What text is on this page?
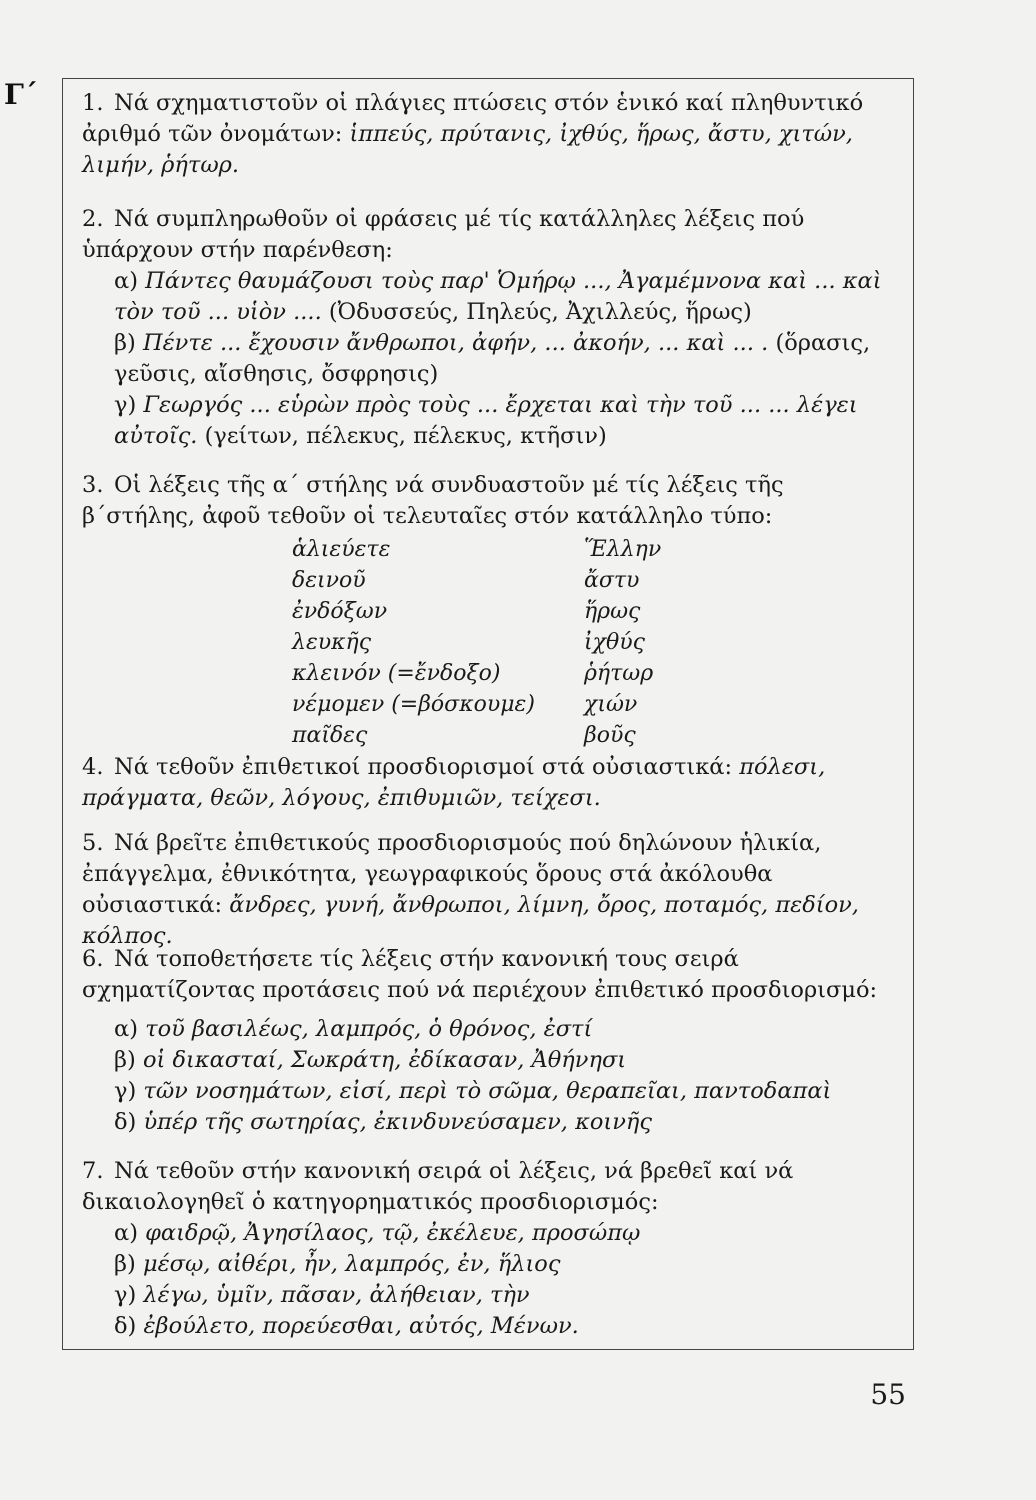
Γ΄ 1. Νά σχηματιστοῦν οἱ πλάγιες πτώσεις στόν ἑνικό καί πληθυντικό ἀριθμό τῶν ὀνομάτων: ἱππεύς, πρύτανις, ἰχθύς, ἥρως, ἄστυ, χιτών, λιμήν, ῥήτωρ.
2. Νά συμπληρωθοῦν οἱ φράσεις μέ τίς κατάλληλες λέξεις πού ὑπάρχουν στήν παρένθεση:
α) Πάντες θαυμάζουσι τοὺς παρ' Ὁμήρῳ ..., Ἀγαμέμνονα καὶ ... καὶ τὸν τοῦ ... υἱὸν .... (Ὀδυσσεύς, Πηλεύς, Ἀχιλλεύς, ἥρως)
β) Πέντε ... ἔχουσιν ἄνθρωποι, ἀφήν, ... ἀκοήν, ... καὶ ... . (ὅρασις, γεῦσις, αἴσθησις, ὄσφρησις)
γ) Γεωργός ... εὑρὼν πρὸς τοὺς ... ἔρχεται καὶ τὴν τοῦ ... ... λέγει αὐτοῖς. (γείτων, πέλεκυς, πέλεκυς, κτῆσιν)
3. Οἱ λέξεις τῆς α΄ στήλης νά συνδυαστοῦν μέ τίς λέξεις τῆς β΄στήλης, ἀφοῦ τεθοῦν οἱ τελευταῖες στόν κατάλληλο τύπο:
ἁλιεύετε
δεινοῦ
ἐνδόξων
λευκῆς
κλεινόν (=ἔνδοξο)
νέμομεν (=βόσκουμε)
παῖδες
Ἕλλην
ἄστυ
ἥρως
ἰχθύς
ῥήτωρ
χιών
βοῦς
4. Νά τεθοῦν ἐπιθετικοί προσδιορισμοί στά οὐσιαστικά: πόλεσι, πράγματα, θεῶν, λόγους, ἐπιθυμιῶν, τείχεσι.
5. Νά βρεῖτε ἐπιθετικούς προσδιορισμούς πού δηλώνουν ἡλικία, ἐπάγγελμα, ἐθνικότητα, γεωγραφικούς ὅρους στά ἀκόλουθα οὐσιαστικά: ἄνδρες, γυνή, ἄνθρωποι, λίμνη, ὄρος, ποταμός, πεδίον, κόλπος.
6. Νά τοποθετήσετε τίς λέξεις στήν κανονική τους σειρά σχηματίζοντας προτάσεις πού νά περιέχουν ἐπιθετικό προσδιορισμό:
α) τοῦ βασιλέως, λαμπρός, ὁ θρόνος, ἐστί
β) οἱ δικασταί, Σωκράτη, ἐδίκασαν, Ἀθήνησι
γ) τῶν νοσημάτων, εἰσί, περὶ τὸ σῶμα, θεραπεῖαι, παντοδαπαὶ
δ) ὑπέρ τῆς σωτηρίας, ἐκινδυνεύσαμεν, κοινῆς
7. Νά τεθοῦν στήν κανονική σειρά οἱ λέξεις, νά βρεθεῖ καί νά δικαιολογηθεῖ ὁ κατηγορηματικός προσδιορισμός:
α) φαιδρῷ, Ἀγησίλαος, τῷ, ἐκέλευε, προσώπῳ
β) μέσῳ, αἰθέρι, ἦν, λαμπρός, ἐν, ἥλιος
γ) λέγω, ὑμῖν, πᾶσαν, ἀλήθειαν, τὴν
δ) ἐβούλετο, πορεύεσθαι, αὐτός, Μένων.
55
